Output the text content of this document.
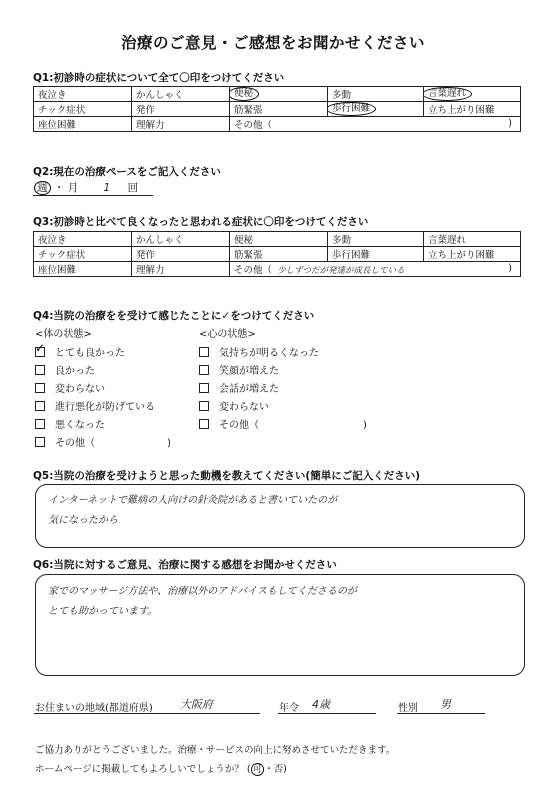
治療のご意見・ご感想をお聞かせください
Q1:初診時の症状について全て〇印をつけてください
夜泣き	かんしゃく	便秘	多動	言葉遅れ
チック症状	発作	筋緊張	歩行困難	立ち上がり困難
座位困難	理解力	その他（ )		
Q2:現在の治療ペースをご記入ください
週 ・ 月 1 回
Q3:初診時と比べて良くなったと思われる症状に〇印をつけてください
夜泣き	かんしゃく	便秘	多動	言葉遅れ
チック症状	発作	筋緊張	歩行困難	立ち上がり困難
座位困難	理解力	その他（ 少しずつだが発達が成長している )		
Q4:当院の治療をを受けて感じたことに✓をつけてください
<体の状態>	<心の状態>
✓とても良かった
良かった
変わらない
進行悪化が防げている
悪くなった
その他（	)
気持ちが明るくなった
笑顔が増えた
会話が増えた
変わらない
その他（	)
Q5:当院の治療を受けようと思った動機を教えてください(簡単にご記入ください)
インターネットで難病の人向けの針灸院があると書いていたのが
気になったから
Q6:当院に対するご意見、治療に関する感想をお聞かせください
家でのマッサージ方法や、治療以外のアドバイスもしてくださるのが
とても助かっています。
お住まいの地域(都道府県) 大阪府	年令 4歳	性別 男
ご協力ありがとうございました。治療・サービスの向上に努めさせていただきます。
ホームページに掲載してもよろしいでしょうか？ ( 可 ・否)
